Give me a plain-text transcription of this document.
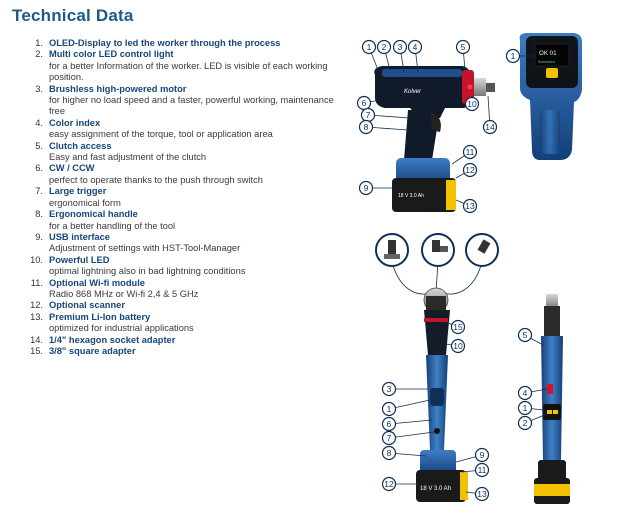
Technical Data
1. OLED-Display to led the worker through the process
2. Multi color LED control light
for a better Information of the worker. LED is visible of each working position.
3. Brushless high-powered motor
for higher no load speed and a faster, powerful working, maintenance free
4. Color index
easy assignment of the torque, tool or application area
5. Clutch access
Easy and fast adjustment of the clutch
6. CW / CCW
perfect to operate thanks to the push through switch
7. Large trigger
ergonomical form
8. Ergonomical handle
for a better handling of the tool
9. USB interface
Adjustment of settings with HST-Tool-Manager
10. Powerful LED
optimal lightning also in bad lightning conditions
11. Optional Wi-fi module
Radio 868 MHz or Wi-fi 2,4 & 5 GHz
12. Optional scanner
13. Premium Li-Ion battery
optimized for industrial applications
14. 1/4" hexagon socket adapter
15. 3/8" square adapter
Kolver
18 V 3.0 Ah
1 2 3 4	5
6
7
8
9
10
11
12
13
14
OK 01
Schrauben
1
18 V 3.0 Ah
15
10
3
1
6
7
8	9
11
12
13
5
4
1
2
